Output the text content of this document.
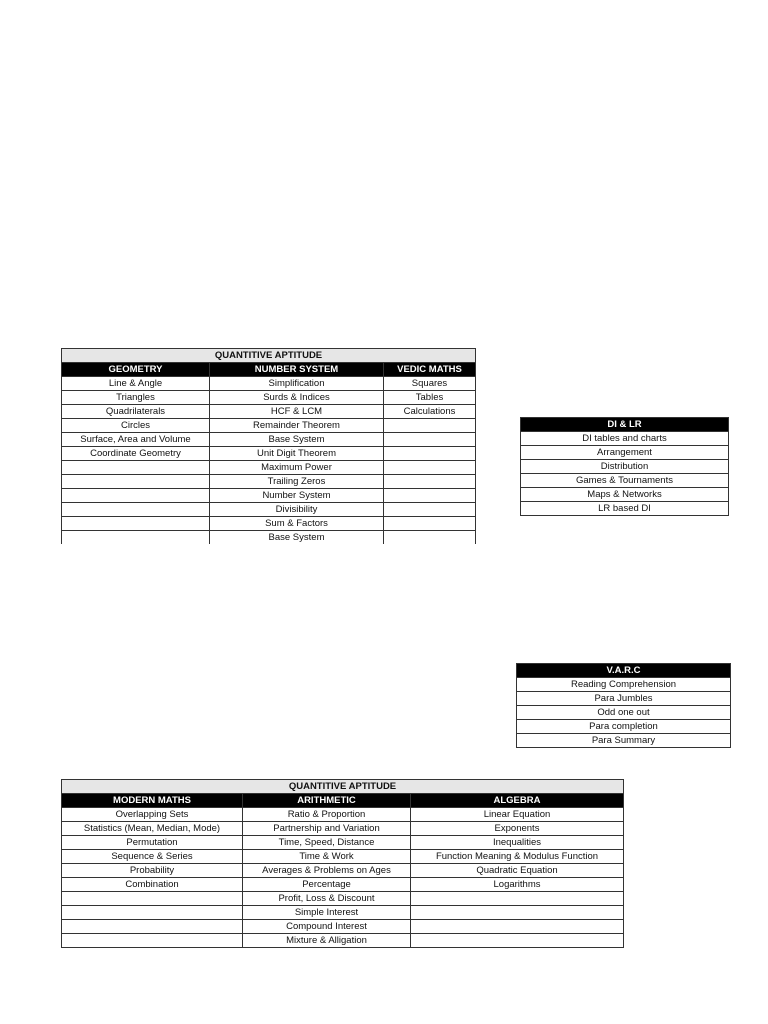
QUANTITIVE APTITUDE		
GEOMETRY	NUMBER SYSTEM	VEDIC MATHS
Line & Angle	Simplification	Squares
Triangles	Surds & Indices	Tables
Quadrilaterals	HCF & LCM	Calculations
Circles	Remainder Theorem	
Surface, Area and Volume	Base System	
Coordinate Geometry	Unit Digit Theorem	
	Maximum Power	
	Trailing Zeros	
	Number System	
	Divisibility	
	Sum & Factors	
	Base System	
DI & LR
DI tables and charts
Arrangement
Distribution
Games & Tournaments
Maps & Networks
LR based DI
V.A.R.C
Reading Comprehension
Para Jumbles
Odd one out
Para completion
Para Summary
QUANTITIVE APTITUDE		
MODERN MATHS	ARITHMETIC	ALGEBRA
Overlapping Sets	Ratio & Proportion	Linear Equation
Statistics (Mean, Median, Mode)	Partnership and Variation	Exponents
Permutation	Time, Speed, Distance	Inequalities
Sequence & Series	Time & Work	Function Meaning & Modulus Function
Probability	Averages & Problems on Ages	Quadratic Equation
Combination	Percentage	Logarithms
	Profit, Loss & Discount	
	Simple Interest	
	Compound Interest	
	Mixture & Alligation	
